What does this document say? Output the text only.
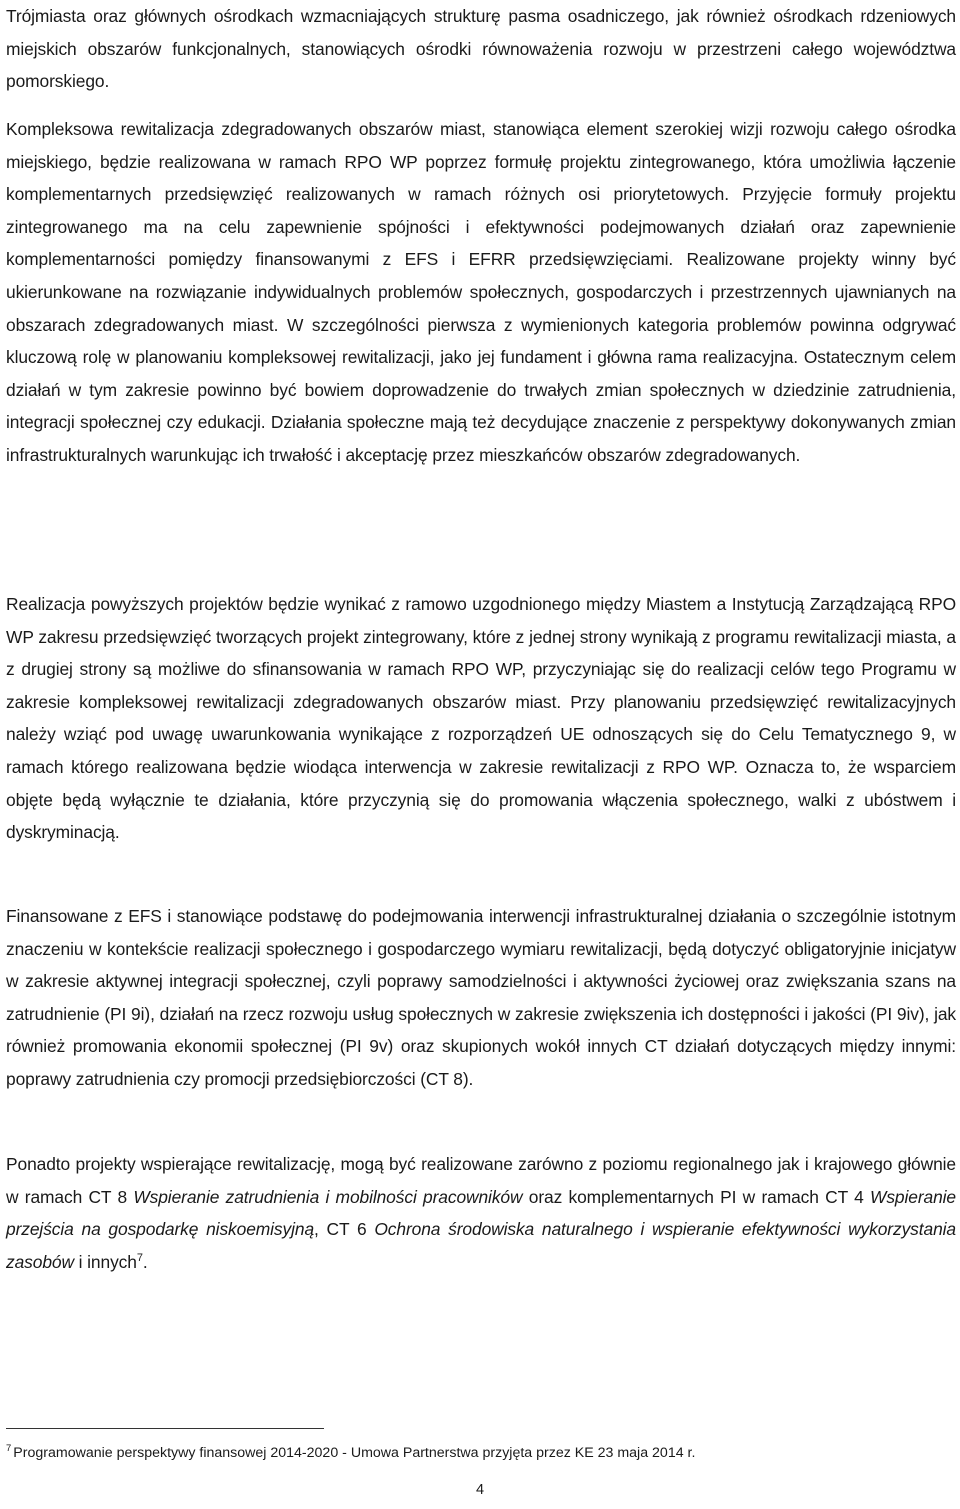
Trójmiasta oraz głównych ośrodkach wzmacniających strukturę pasma osadniczego, jak również ośrodkach rdzeniowych miejskich obszarów funkcjonalnych, stanowiących ośrodki równoważenia rozwoju w przestrzeni całego województwa pomorskiego.

Kompleksowa rewitalizacja zdegradowanych obszarów miast, stanowiąca element szerokiej wizji rozwoju całego ośrodka miejskiego, będzie realizowana w ramach RPO WP poprzez formułę projektu zintegrowanego, która umożliwia łączenie komplementarnych przedsięwzięć realizowanych w ramach różnych osi priorytetowych. Przyjęcie formuły projektu zintegrowanego ma na celu zapewnienie spójności i efektywności podejmowanych działań oraz zapewnienie komplementarności pomiędzy finansowanymi z EFS i EFRR przedsięwzięciami. Realizowane projekty winny być ukierunkowane na rozwiązanie indywidualnych problemów społecznych, gospodarczych i przestrzennych ujawnianych na obszarach zdegradowanych miast. W szczególności pierwsza z wymienionych kategoria problemów powinna odgrywać kluczową rolę w planowaniu kompleksowej rewitalizacji, jako jej fundament i główna rama realizacyjna. Ostatecznym celem działań w tym zakresie powinno być bowiem doprowadzenie do trwałych zmian społecznych w dziedzinie zatrudnienia, integracji społecznej czy edukacji. Działania społeczne mają też decydujące znaczenie z perspektywy dokonywanych zmian infrastrukturalnych warunkując ich trwałość i akceptację przez mieszkańców obszarów zdegradowanych.

Realizacja powyższych projektów będzie wynikać z ramowo uzgodnionego między Miastem a Instytucją Zarządzającą RPO WP zakresu przedsięwzięć tworzących projekt zintegrowany, które z jednej strony wynikają z programu rewitalizacji miasta, a z drugiej strony są możliwe do sfinansowania w ramach RPO WP, przyczyniając się do realizacji celów tego Programu w zakresie kompleksowej rewitalizacji zdegradowanych obszarów miast. Przy planowaniu przedsięwzięć rewitalizacyjnych należy wziąć pod uwagę uwarunkowania wynikające z rozporządzeń UE odnoszących się do Celu Tematycznego 9, w ramach którego realizowana będzie wiodąca interwencja w zakresie rewitalizacji z RPO WP. Oznacza to, że wsparciem objęte będą wyłącznie te działania, które przyczynią się do promowania włączenia społecznego, walki z ubóstwem i dyskryminacją.

Finansowane z EFS i stanowiące podstawę do podejmowania interwencji infrastrukturalnej działania o szczególnie istotnym znaczeniu w kontekście realizacji społecznego i gospodarczego wymiaru rewitalizacji, będą dotyczyć obligatoryjnie inicjatyw w zakresie aktywnej integracji społecznej, czyli poprawy samodzielności i aktywności życiowej oraz zwiększania szans na zatrudnienie (PI 9i), działań na rzecz rozwoju usług społecznych w zakresie zwiększenia ich dostępności i jakości (PI 9iv), jak również promowania ekonomii społecznej (PI 9v) oraz skupionych wokół innych CT działań dotyczących między innymi: poprawy zatrudnienia czy promocji przedsiębiorczości (CT 8).

Ponadto projekty wspierające rewitalizację, mogą być realizowane zarówno z poziomu regionalnego jak i krajowego głównie w ramach CT 8 Wspieranie zatrudnienia i mobilności pracowników oraz komplementarnych PI w ramach CT 4 Wspieranie przejścia na gospodarkę niskoemisyjną, CT 6 Ochrona środowiska naturalnego i wspieranie efektywności wykorzystania zasobów i innych$^7$.

$^7$ Programowanie perspektywy finansowej 2014-2020 - Umowa Partnerstwa przyjęta przez KE 23 maja 2014 r.
4
